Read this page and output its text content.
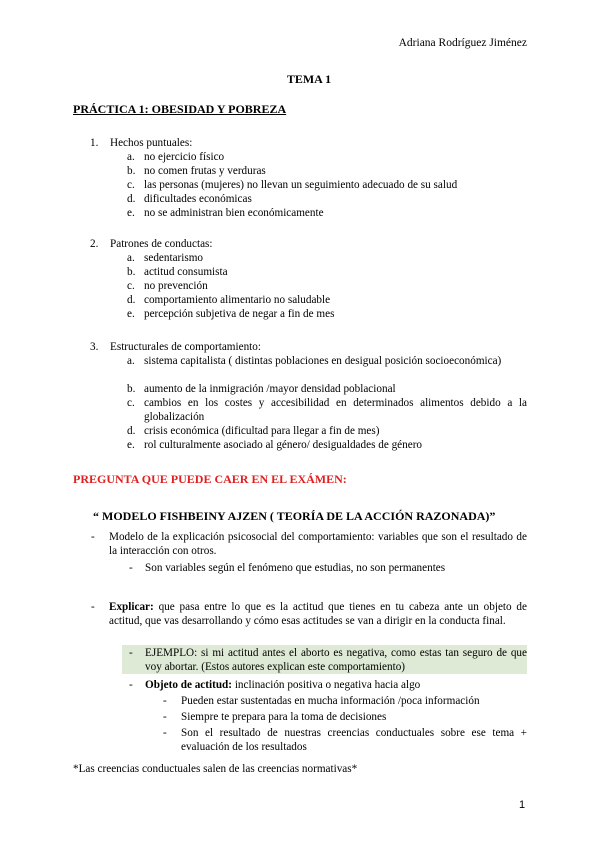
Adriana Rodríguez Jiménez
TEMA 1
PRÁCTICA 1: OBESIDAD Y POBREZA
1. Hechos puntuales:
a. no ejercicio físico
b. no comen frutas y verduras
c. las personas (mujeres) no llevan un seguimiento adecuado de su salud
d. dificultades económicas
e. no se administran bien económicamente
2. Patrones de conductas:
a. sedentarismo
b. actitud consumista
c. no prevención
d. comportamiento alimentario no saludable
e. percepción subjetiva de negar a fin de mes
3. Estructurales de comportamiento:
a. sistema capitalista ( distintas poblaciones en desigual posición socioeconómica)
b. aumento de la inmigración /mayor densidad poblacional
c. cambios en los costes y accesibilidad en determinados alimentos debido a la globalización
d. crisis económica (dificultad para llegar a fin de mes)
e. rol culturalmente asociado al género/ desigualdades de género
PREGUNTA QUE PUEDE CAER EN EL EXÁMEN:
“ MODELO FISHBEINY AJZEN ( TEORÍA DE LA ACCIÓN RAZONADA)”
- Modelo de la explicación psicosocial del comportamiento: variables que son el resultado de la interacción con otros.
- Son variables según el fenómeno que estudias, no son permanentes
- Explicar: que pasa entre lo que es la actitud que tienes en tu cabeza ante un objeto de actitud, que vas desarrollando y cómo esas actitudes se van a dirigir en la conducta final.
- EJEMPLO: si mi actitud antes el aborto es negativa, como estas tan seguro de que voy abortar. (Estos autores explican este comportamiento)
- Objeto de actitud: inclinación positiva o negativa hacia algo
- Pueden estar sustentadas en mucha información /poca información
- Siempre te prepara para la toma de decisiones
- Son el resultado de nuestras creencias conductuales sobre ese tema + evaluación de los resultados
*Las creencias conductuales salen de las creencias normativas*
1
